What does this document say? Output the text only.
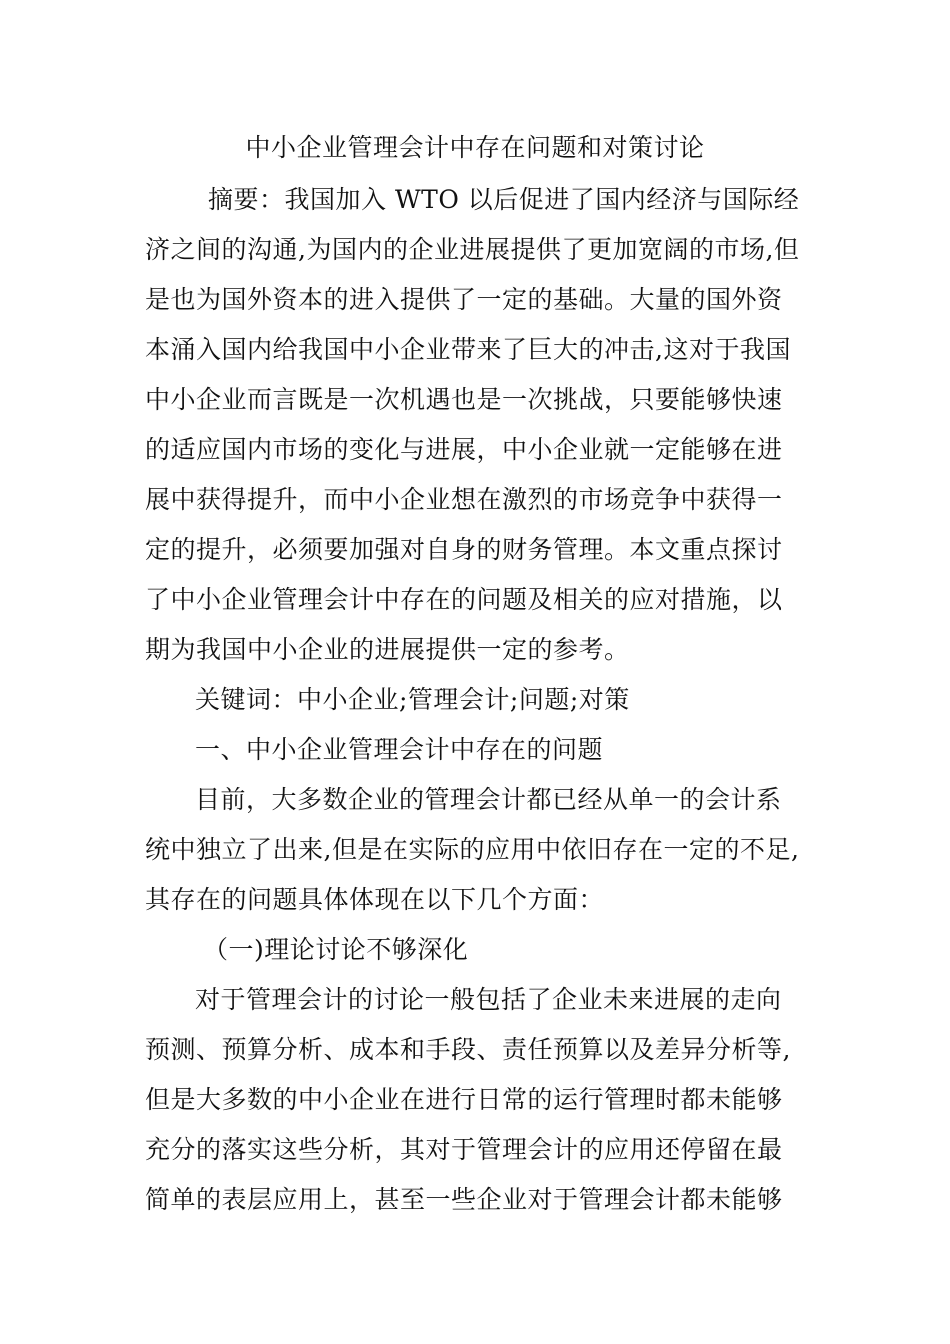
中小企业管理会计中存在问题和对策讨论
摘要：我国加入 WTO 以后促进了国内经济与国际经
济之间的沟通,为国内的企业进展提供了更加宽阔的市场,但
是也为国外资本的进入提供了一定的基础。大量的国外资
本涌入国内给我国中小企业带来了巨大的冲击,这对于我国
中小企业而言既是一次机遇也是一次挑战，只要能够快速
的适应国内市场的变化与进展，中小企业就一定能够在进
展中获得提升，而中小企业想在激烈的市场竞争中获得一
定的提升，必须要加强对自身的财务管理。本文重点探讨
了中小企业管理会计中存在的问题及相关的应对措施，以
期为我国中小企业的进展提供一定的参考。
关键词：中小企业;管理会计;问题;对策
一、中小企业管理会计中存在的问题
目前，大多数企业的管理会计都已经从单一的会计系
统中独立了出来,但是在实际的应用中依旧存在一定的不足,
其存在的问题具体体现在以下几个方面：
（一)理论讨论不够深化
对于管理会计的讨论一般包括了企业未来进展的走向
预测、预算分析、成本和手段、责任预算以及差异分析等,
但是大多数的中小企业在进行日常的运行管理时都未能够
充分的落实这些分析，其对于管理会计的应用还停留在最
简单的表层应用上，甚至一些企业对于管理会计都未能够
